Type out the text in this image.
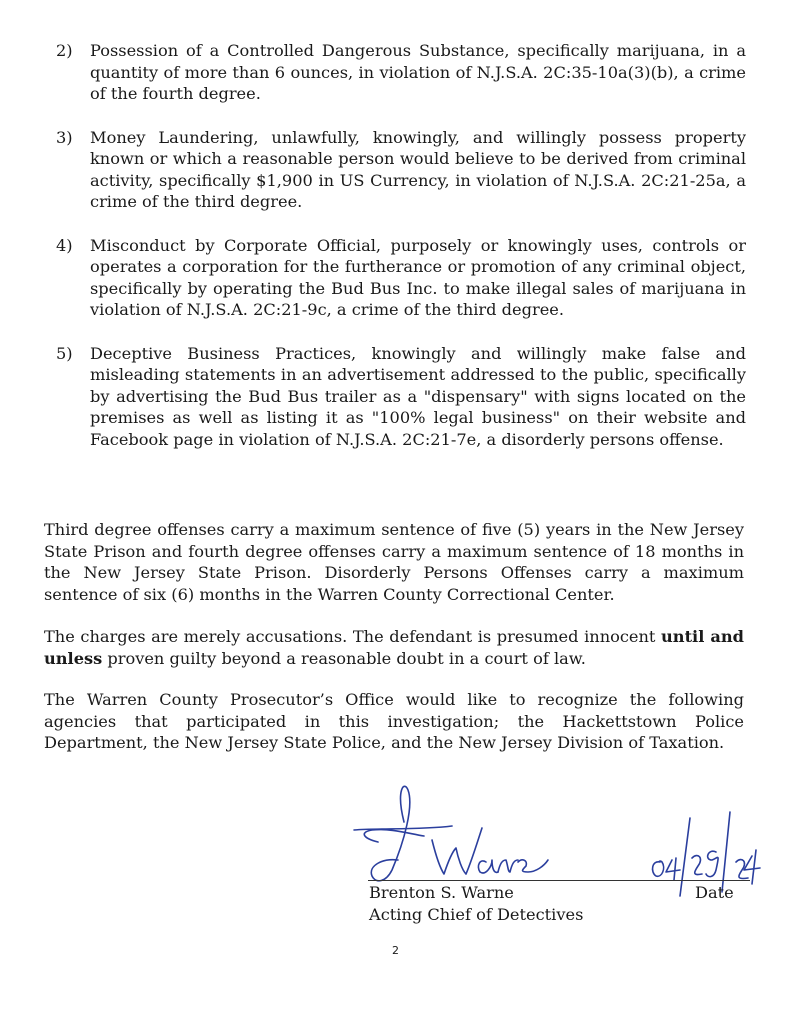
2)	Possession of a Controlled Dangerous Substance, specifically marijuana, in a quantity of more than 6 ounces, in violation of N.J.S.A. 2C:35-10a(3)(b), a crime of the fourth degree.
3)	Money Laundering, unlawfully, knowingly, and willingly possess property known or which a reasonable person would believe to be derived from criminal activity, specifically $1,900 in US Currency, in violation of N.J.S.A. 2C:21-25a, a crime of the third degree.
4)	Misconduct by Corporate Official, purposely or knowingly uses, controls or operates a corporation for the furtherance or promotion of any criminal object, specifically by operating the Bud Bus Inc. to make illegal sales of marijuana in violation of N.J.S.A. 2C:21-9c, a crime of the third degree.
5)	Deceptive Business Practices, knowingly and willingly make false and misleading statements in an advertisement addressed to the public, specifically by advertising the Bud Bus trailer as a "dispensary" with signs located on the premises as well as listing it as "100% legal business" on their website and Facebook page in violation of N.J.S.A. 2C:21-7e, a disorderly persons offense.

Third degree offenses carry a maximum sentence of five (5) years in the New Jersey State Prison and fourth degree offenses carry a maximum sentence of 18 months in the New Jersey State Prison. Disorderly Persons Offenses carry a maximum sentence of six (6) months in the Warren County Correctional Center.

The charges are merely accusations. The defendant is presumed innocent until and unless proven guilty beyond a reasonable doubt in a court of law.

The Warren County Prosecutor’s Office would like to recognize the following agencies that participated in this investigation; the Hackettstown Police Department, the New Jersey State Police, and the New Jersey Division of Taxation.

Brenton S. Warne
Acting Chief of Detectives
Date
2
